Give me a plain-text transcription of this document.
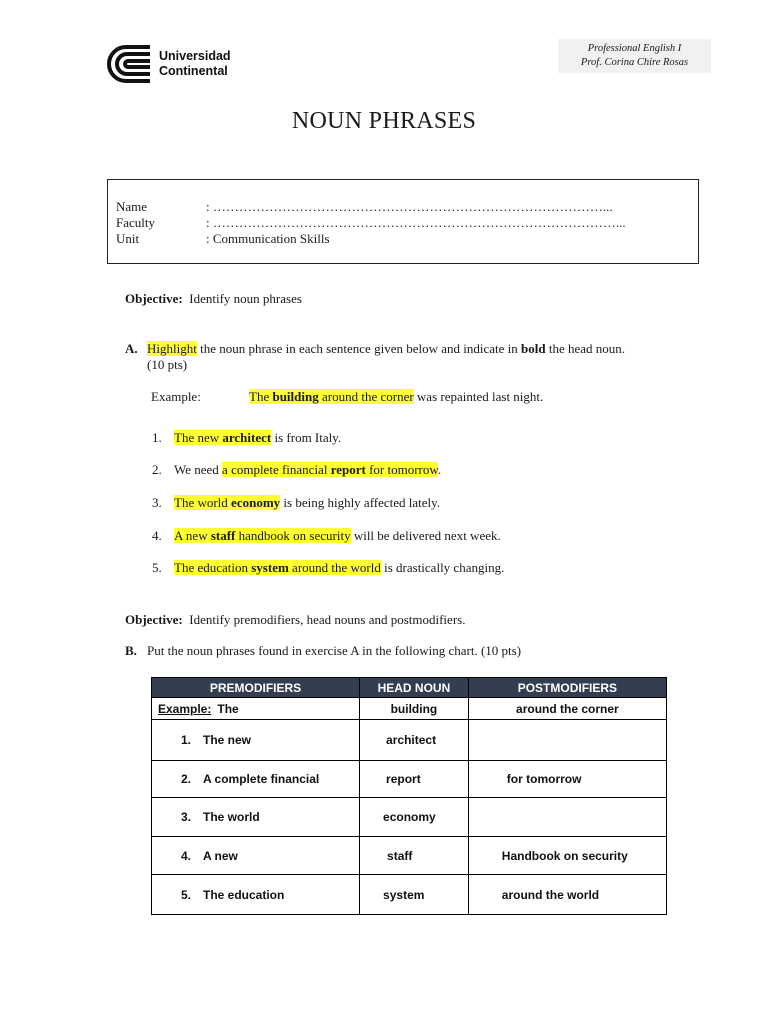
Universidad
Continental
Professional English I
Prof. Corina Chire Rosas
NOUN PHRASES
Name	: ………………………………………………………………………………...
Faculty	: …………………………………………………………………………………...
Unit	: Communication Skills
Objective: Identify noun phrases
A. Highlight the noun phrase in each sentence given below and indicate in bold the head noun.
(10 pts)
Example:	The building around the corner was repainted last night.
1. The new architect is from Italy.
2. We need a complete financial report for tomorrow.
3. The world economy is being highly affected lately.
4. A new staff handbook on security will be delivered next week.
5. The education system around the world is drastically changing.
Objective: Identify premodifiers, head nouns and postmodifiers.
B. Put the noun phrases found in exercise A in the following chart. (10 pts)
PREMODIFIERS	HEAD NOUN	POSTMODIFIERS
Example: The	building	around the corner
1. The new	architect	
2. A complete financial	report	for tomorrow
3. The world	economy	
4. A new	staff	Handbook on security
5. The education	system	around the world
